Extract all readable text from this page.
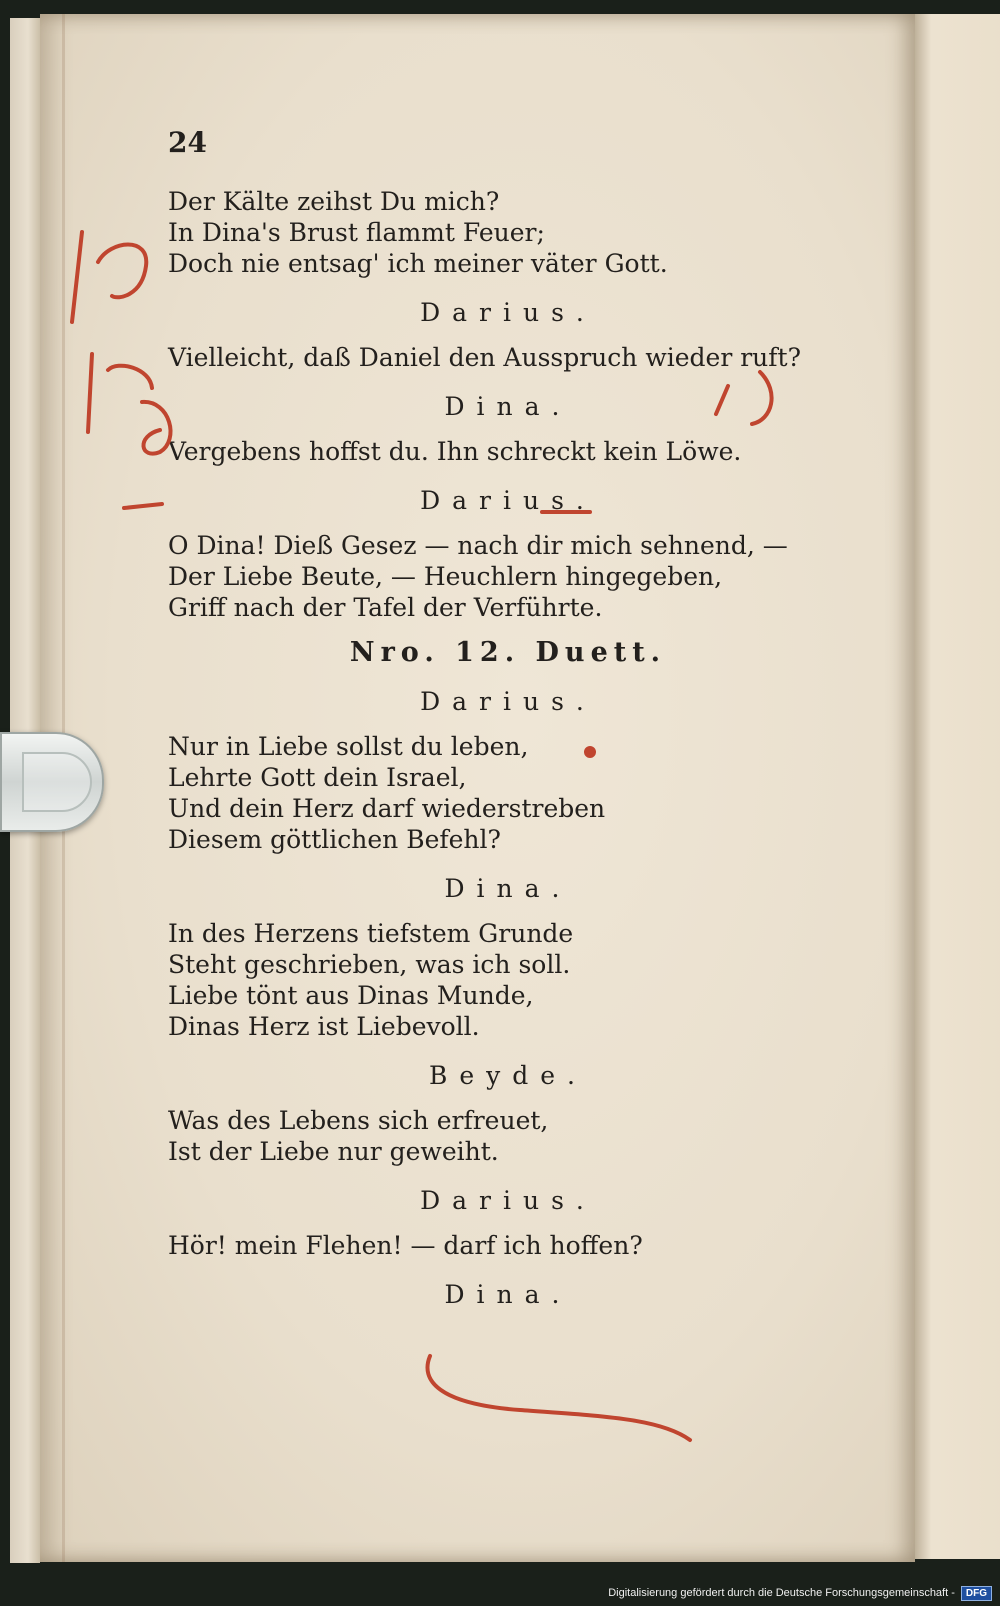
24
Der Kälte zeihst Du mich?
In Dina's Brust flammt Feuer;
Doch nie entsag' ich meiner väter Gott.
Darius.
Vielleicht, daß Daniel den Ausspruch wieder ruft?
Dina.
Vergebens hoffst du. Ihn schreckt kein Löwe.
Darius.
O Dina! Dieß Gesez — nach dir mich sehnend, —
Der Liebe Beute, — Heuchlern hingegeben,
Griff nach der Tafel der Verführte.
Nro. 12. Duett.
Darius.
Nur in Liebe sollst du leben,
Lehrte Gott dein Israel,
Und dein Herz darf wiederstreben
Diesem göttlichen Befehl?
Dina.
In des Herzens tiefstem Grunde
Steht geschrieben, was ich soll.
Liebe tönt aus Dinas Munde,
Dinas Herz ist Liebevoll.
Beyde.
Was des Lebens sich erfreuet,
Ist der Liebe nur geweiht.
Darius.
Hör! mein Flehen! — darf ich hoffen?
Dina.
Digitalisierung gefördert durch die Deutsche Forschungsgemeinschaft -	DFG
